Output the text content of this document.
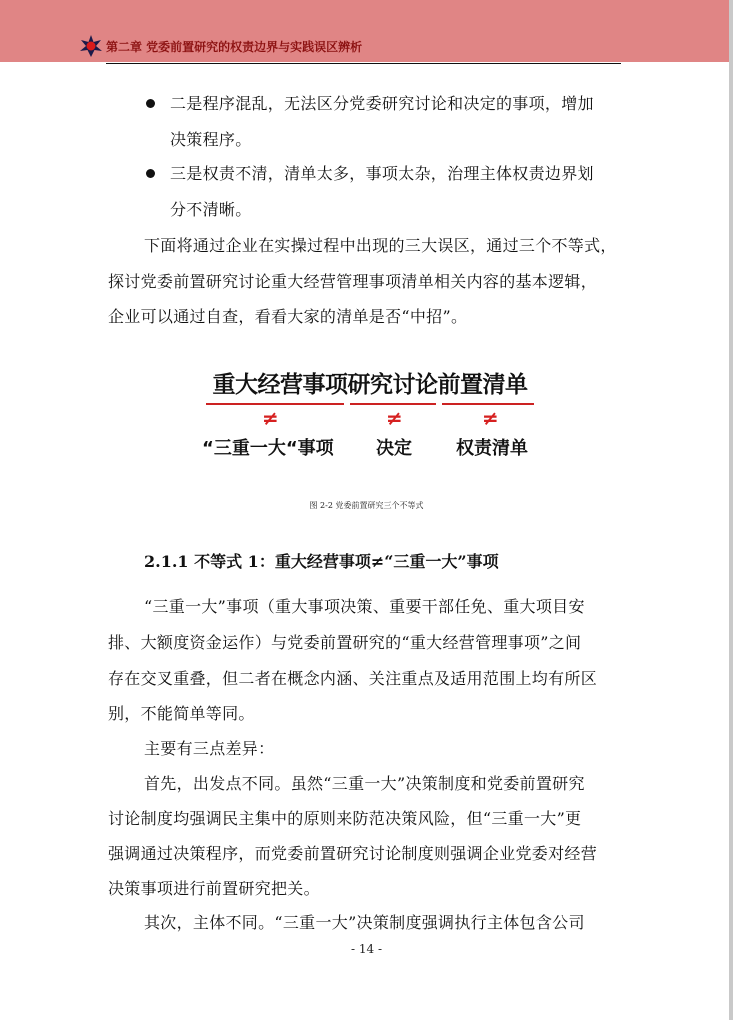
第二章 党委前置研究的权责边界与实践误区辨析
二是程序混乱，无法区分党委研究讨论和决定的事项，增加
决策程序。
三是权责不清，清单太多，事项太杂，治理主体权责边界划
分不清晰。
下面将通过企业在实操过程中出现的三大误区，通过三个不等式，
探讨党委前置研究讨论重大经营管理事项清单相关内容的基本逻辑，
企业可以通过自查，看看大家的清单是否“中招”。
重大经营事项研究讨论前置清单
≠	≠	≠
“三重一大“事项 决定 权责清单
图 2-2 党委前置研究三个不等式
2.1.1 不等式 1：重大经营事项≠“三重一大”事项
“三重一大”事项（重大事项决策、重要干部任免、重大项目安
排、大额度资金运作）与党委前置研究的“重大经营管理事项”之间
存在交叉重叠，但二者在概念内涵、关注重点及适用范围上均有所区
别，不能简单等同。
主要有三点差异：
首先，出发点不同。虽然“三重一大”决策制度和党委前置研究
讨论制度均强调民主集中的原则来防范决策风险，但“三重一大”更
强调通过决策程序，而党委前置研究讨论制度则强调企业党委对经营
决策事项进行前置研究把关。
其次，主体不同。“三重一大”决策制度强调执行主体包含公司
- 14 -
